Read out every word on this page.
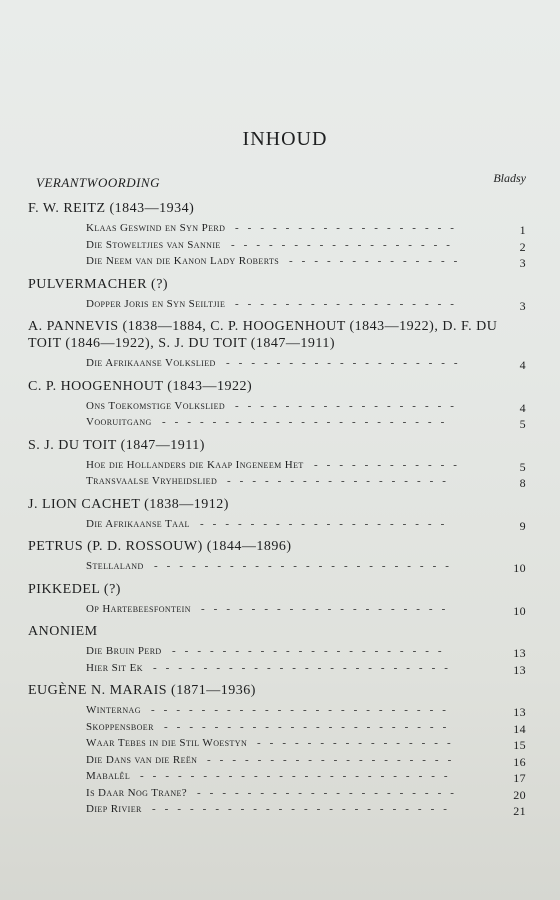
INHOUD
VERANTWOORDING	Bladsy
F. W. REITZ (1843—1934)
Klaas Geswind en Syn Perd ------------------	1
Die Stoweltjies van Sannie ------------------	2
Die Neem van die Kanon Lady Roberts --------------	3
PULVERMACHER (?)
Dopper Joris en Syn Seiltjie ------------------	3
A. PANNEVIS (1838—1884, C. P. HOOGENHOUT (1843—1922), D. F. DU TOIT (1846—1922), S. J. DU TOIT (1847—1911)
Die Afrikaanse Volkslied -------------------	4
C. P. HOOGENHOUT (1843—1922)
Ons Toekomstige Volkslied ------------------	4
Vooruitgang -----------------------	5
S. J. DU TOIT (1847—1911)
Hoe die Hollanders die Kaap Ingeneem Het ------------	5
Transvaalse Vryheidslied ------------------	8
J. LION CACHET (1838—1912)
Die Afrikaanse Taal --------------------	9
PETRUS (P. D. ROSSOUW) (1844—1896)
Stellaland ------------------------	10
PIKKEDEL (?)
Op Hartebeesfontein --------------------	10
ANONIEM
Die Bruin Perd ----------------------	13
Hier Sit Ek ------------------------	13
EUGÈNE N. MARAIS (1871—1936)
Winternag ------------------------	13
Skoppensboer -----------------------	14
Waar Tebes in die Stil Woestyn ----------------	15
Die Dans van die Reën --------------------	16
Mabalêl -------------------------	17
Is Daar Nog Trane? ---------------------	20
Diep Rivier ------------------------	21
